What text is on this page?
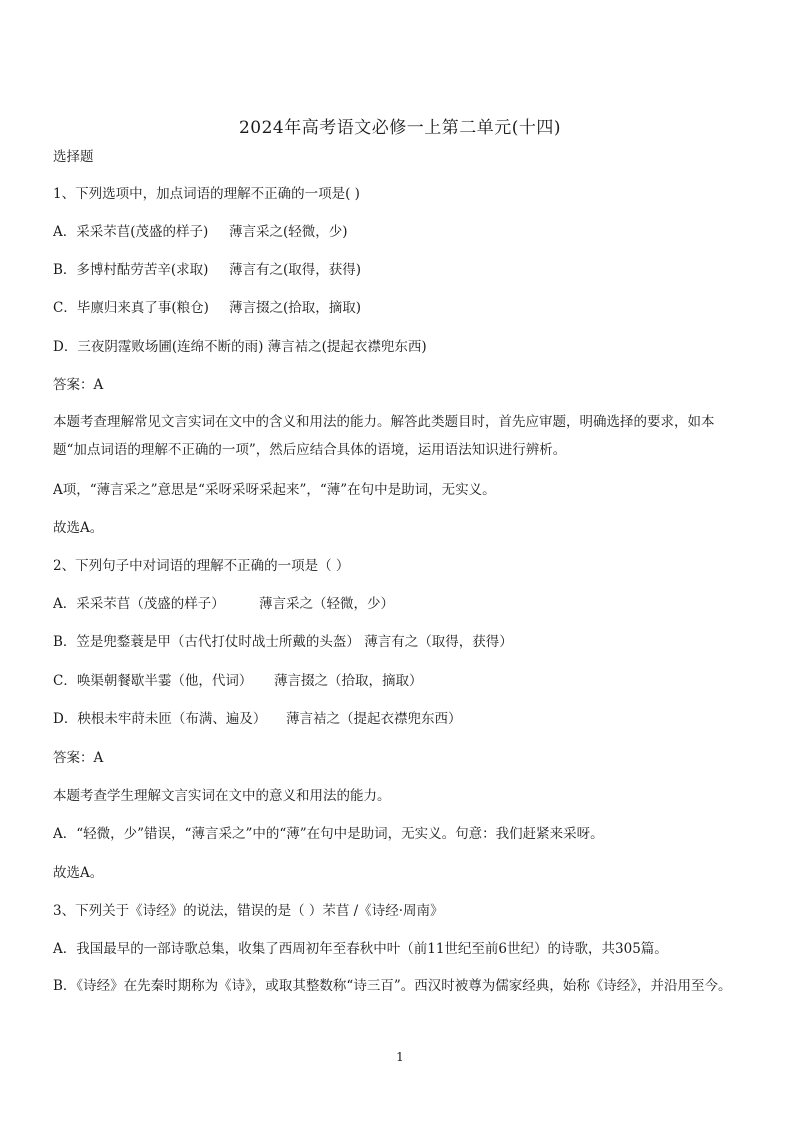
2024年高考语文必修一上第二单元(十四)
选择题
1、下列选项中，加点词语的理解不正确的一项是( )
A．采采芣苢(茂盛的样子) 薄言采之(轻微，少)
B．多博村酤劳苦辛(求取) 薄言有之(取得，获得)
C．毕廪归来真了事(粮仓) 薄言掇之(拾取，摘取)
D．三夜阴霪败场圃(连绵不断的雨) 薄言袺之(提起衣襟兜东西)
答案：A
本题考查理解常见文言实词在文中的含义和用法的能力。解答此类题目时，首先应审题，明确选择的要求，如本题“加点词语的理解不正确的一项”，然后应结合具体的语境，运用语法知识进行辨析。
A项，“薄言采之”意思是“采呀采呀采起来”，“薄”在句中是助词，无实义。
故选A。
2、下列句子中对词语的理解不正确的一项是（ ）
A．采采芣苢（茂盛的样子）	薄言采之（轻微，少）
B．笠是兜鍪蓑是甲（古代打仗时战士所戴的头盔） 薄言有之（取得，获得）
C．唤渠朝餐歇半霎（他，代词） 薄言掇之（拾取，摘取）
D．秧根未牢莳未匝（布满、遍及） 薄言袺之（提起衣襟兜东西）
答案：A
本题考查学生理解文言实词在文中的意义和用法的能力。
A．“轻微，少”错误，“薄言采之”中的“薄”在句中是助词，无实义。句意：我们赶紧来采呀。
故选A。
3、下列关于《诗经》的说法，错误的是（ ）芣苢 /《诗经·周南》
A．我国最早的一部诗歌总集，收集了西周初年至春秋中叶（前11世纪至前6世纪）的诗歌，共305篇。
B．《诗经》在先秦时期称为《诗》，或取其整数称“诗三百”。西汉时被尊为儒家经典，始称《诗经》，并沿用至今。
1
